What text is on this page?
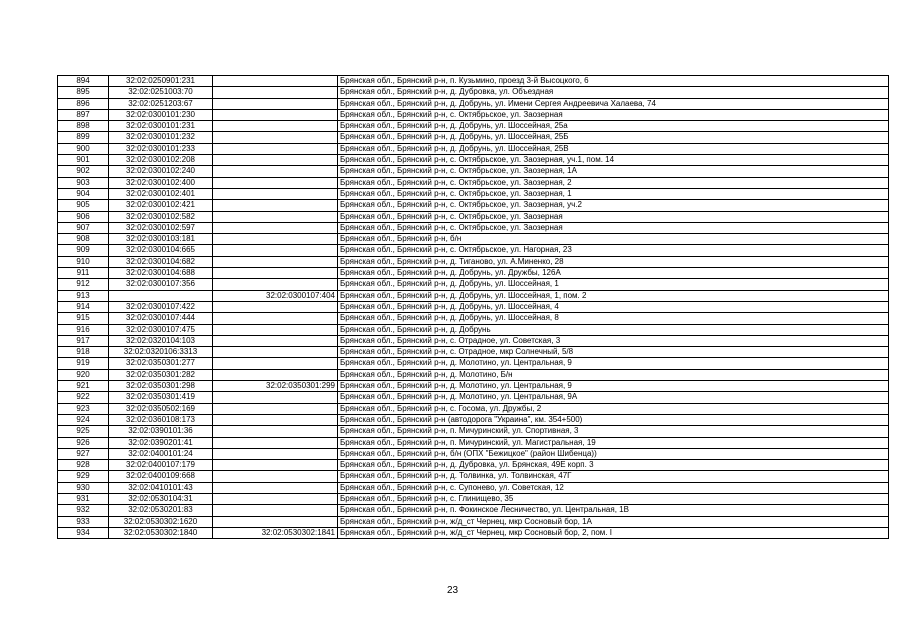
894	32:02:0250901:231		Брянская обл., Брянский р-н, п. Кузьмино, проезд 3-й Высоцкого, 6
895	32:02:0251003:70		Брянская обл., Брянский р-н, д. Дубровка, ул. Объездная
896	32:02:0251203:67		Брянская обл., Брянский р-н, д. Добрунь, ул. Имени Сергея Андреевича Халаева, 74
897	32:02:0300101:230		Брянская обл., Брянский р-н, с. Октябрьское, ул. Заозерная
898	32:02:0300101:231		Брянская обл., Брянский р-н, д. Добрунь, ул. Шоссейная, 25а
899	32:02:0300101:232		Брянская обл., Брянский р-н, д. Добрунь, ул. Шоссейная, 25Б
900	32:02:0300101:233		Брянская обл., Брянский р-н, д. Добрунь, ул. Шоссейная, 25В
901	32:02:0300102:208		Брянская обл., Брянский р-н, с. Октябрьское, ул. Заозерная, уч.1, пом. 14
902	32:02:0300102:240		Брянская обл., Брянский р-н, с. Октябрьское, ул. Заозерная, 1А
903	32:02:0300102:400		Брянская обл., Брянский р-н, с. Октябрьское, ул. Заозерная, 2
904	32:02:0300102:401		Брянская обл., Брянский р-н, с. Октябрьское, ул. Заозерная, 1
905	32:02:0300102:421		Брянская обл., Брянский р-н, с. Октябрьское, ул. Заозерная, уч.2
906	32:02:0300102:582		Брянская обл., Брянский р-н, с. Октябрьское, ул. Заозерная
907	32:02:0300102:597		Брянская обл., Брянский р-н, с. Октябрьское, ул. Заозерная
908	32:02:0300103:181		Брянская обл., Брянский р-н, б/н
909	32:02:0300104:665		Брянская обл., Брянский р-н, с. Октябрьское, ул. Нагорная, 23
910	32:02:0300104:682		Брянская обл., Брянский р-н, д. Тиганово, ул. А.Миненко, 28
911	32:02:0300104:688		Брянская обл., Брянский р-н, д. Добрунь, ул. Дружбы, 126А
912	32:02:0300107:356		Брянская обл., Брянский р-н, д. Добрунь, ул. Шоссейная, 1
913		32:02:0300107:404	Брянская обл., Брянский р-н, д. Добрунь, ул. Шоссейная, 1, пом. 2
914	32:02:0300107:422		Брянская обл., Брянский р-н, д. Добрунь, ул. Шоссейная, 4
915	32:02:0300107:444		Брянская обл., Брянский р-н, д. Добрунь, ул. Шоссейная, 8
916	32:02:0300107:475		Брянская обл., Брянский р-н, д. Добрунь
917	32:02:0320104:103		Брянская обл., Брянский р-н, с. Отрадное, ул. Советская, 3
918	32:02:0320106:3313		Брянская обл., Брянский р-н, с. Отрадное, мкр Солнечный, 5/8
919	32:02:0350301:277		Брянская обл., Брянский р-н, д. Молотино, ул. Центральная, 9
920	32:02:0350301:282		Брянская обл., Брянский р-н, д. Молотино, Б/н
921	32:02:0350301:298	32:02:0350301:299	Брянская обл., Брянский р-н, д. Молотино, ул. Центральная, 9
922	32:02:0350301:419		Брянская обл., Брянский р-н, д. Молотино, ул. Центральная, 9А
923	32:02:0350502:169		Брянская обл., Брянский р-н, с. Госома, ул. Дружбы, 2
924	32:02:0360108:173		Брянская обл., Брянский р-н (автодорога "Украина", км. 354+500)
925	32:02:0390101:36		Брянская обл., Брянский р-н, п. Мичуринский, ул. Спортивная, 3
926	32:02:0390201:41		Брянская обл., Брянский р-н, п. Мичуринский, ул. Магистральная, 19
927	32:02:0400101:24		Брянская обл., Брянский р-н, б/н (ОПХ "Бежицкое" (район Шибенца))
928	32:02:0400107:179		Брянская обл., Брянский р-н, д. Дубровка, ул. Брянская, 49Е корп. 3
929	32:02:0400109:668		Брянская обл., Брянский р-н, д. Толвинка, ул. Толвинская, 47Г
930	32:02:0410101:43		Брянская обл., Брянский р-н, с. Супонево, ул. Советская, 12
931	32:02:0530104:31		Брянская обл., Брянский р-н, с. Глинищево, 35
932	32:02:0530201:83		Брянская обл., Брянский р-н, п. Фокинское Лесничество, ул. Центральная, 1В
933	32:02:0530302:1620		Брянская обл., Брянский р-н, ж/д_ст Чернец, мкр Сосновый бор, 1А
934	32:02:0530302:1840	32:02:0530302:1841	Брянская обл., Брянский р-н, ж/д_ст Чернец, мкр Сосновый бор, 2, пом. I
23
